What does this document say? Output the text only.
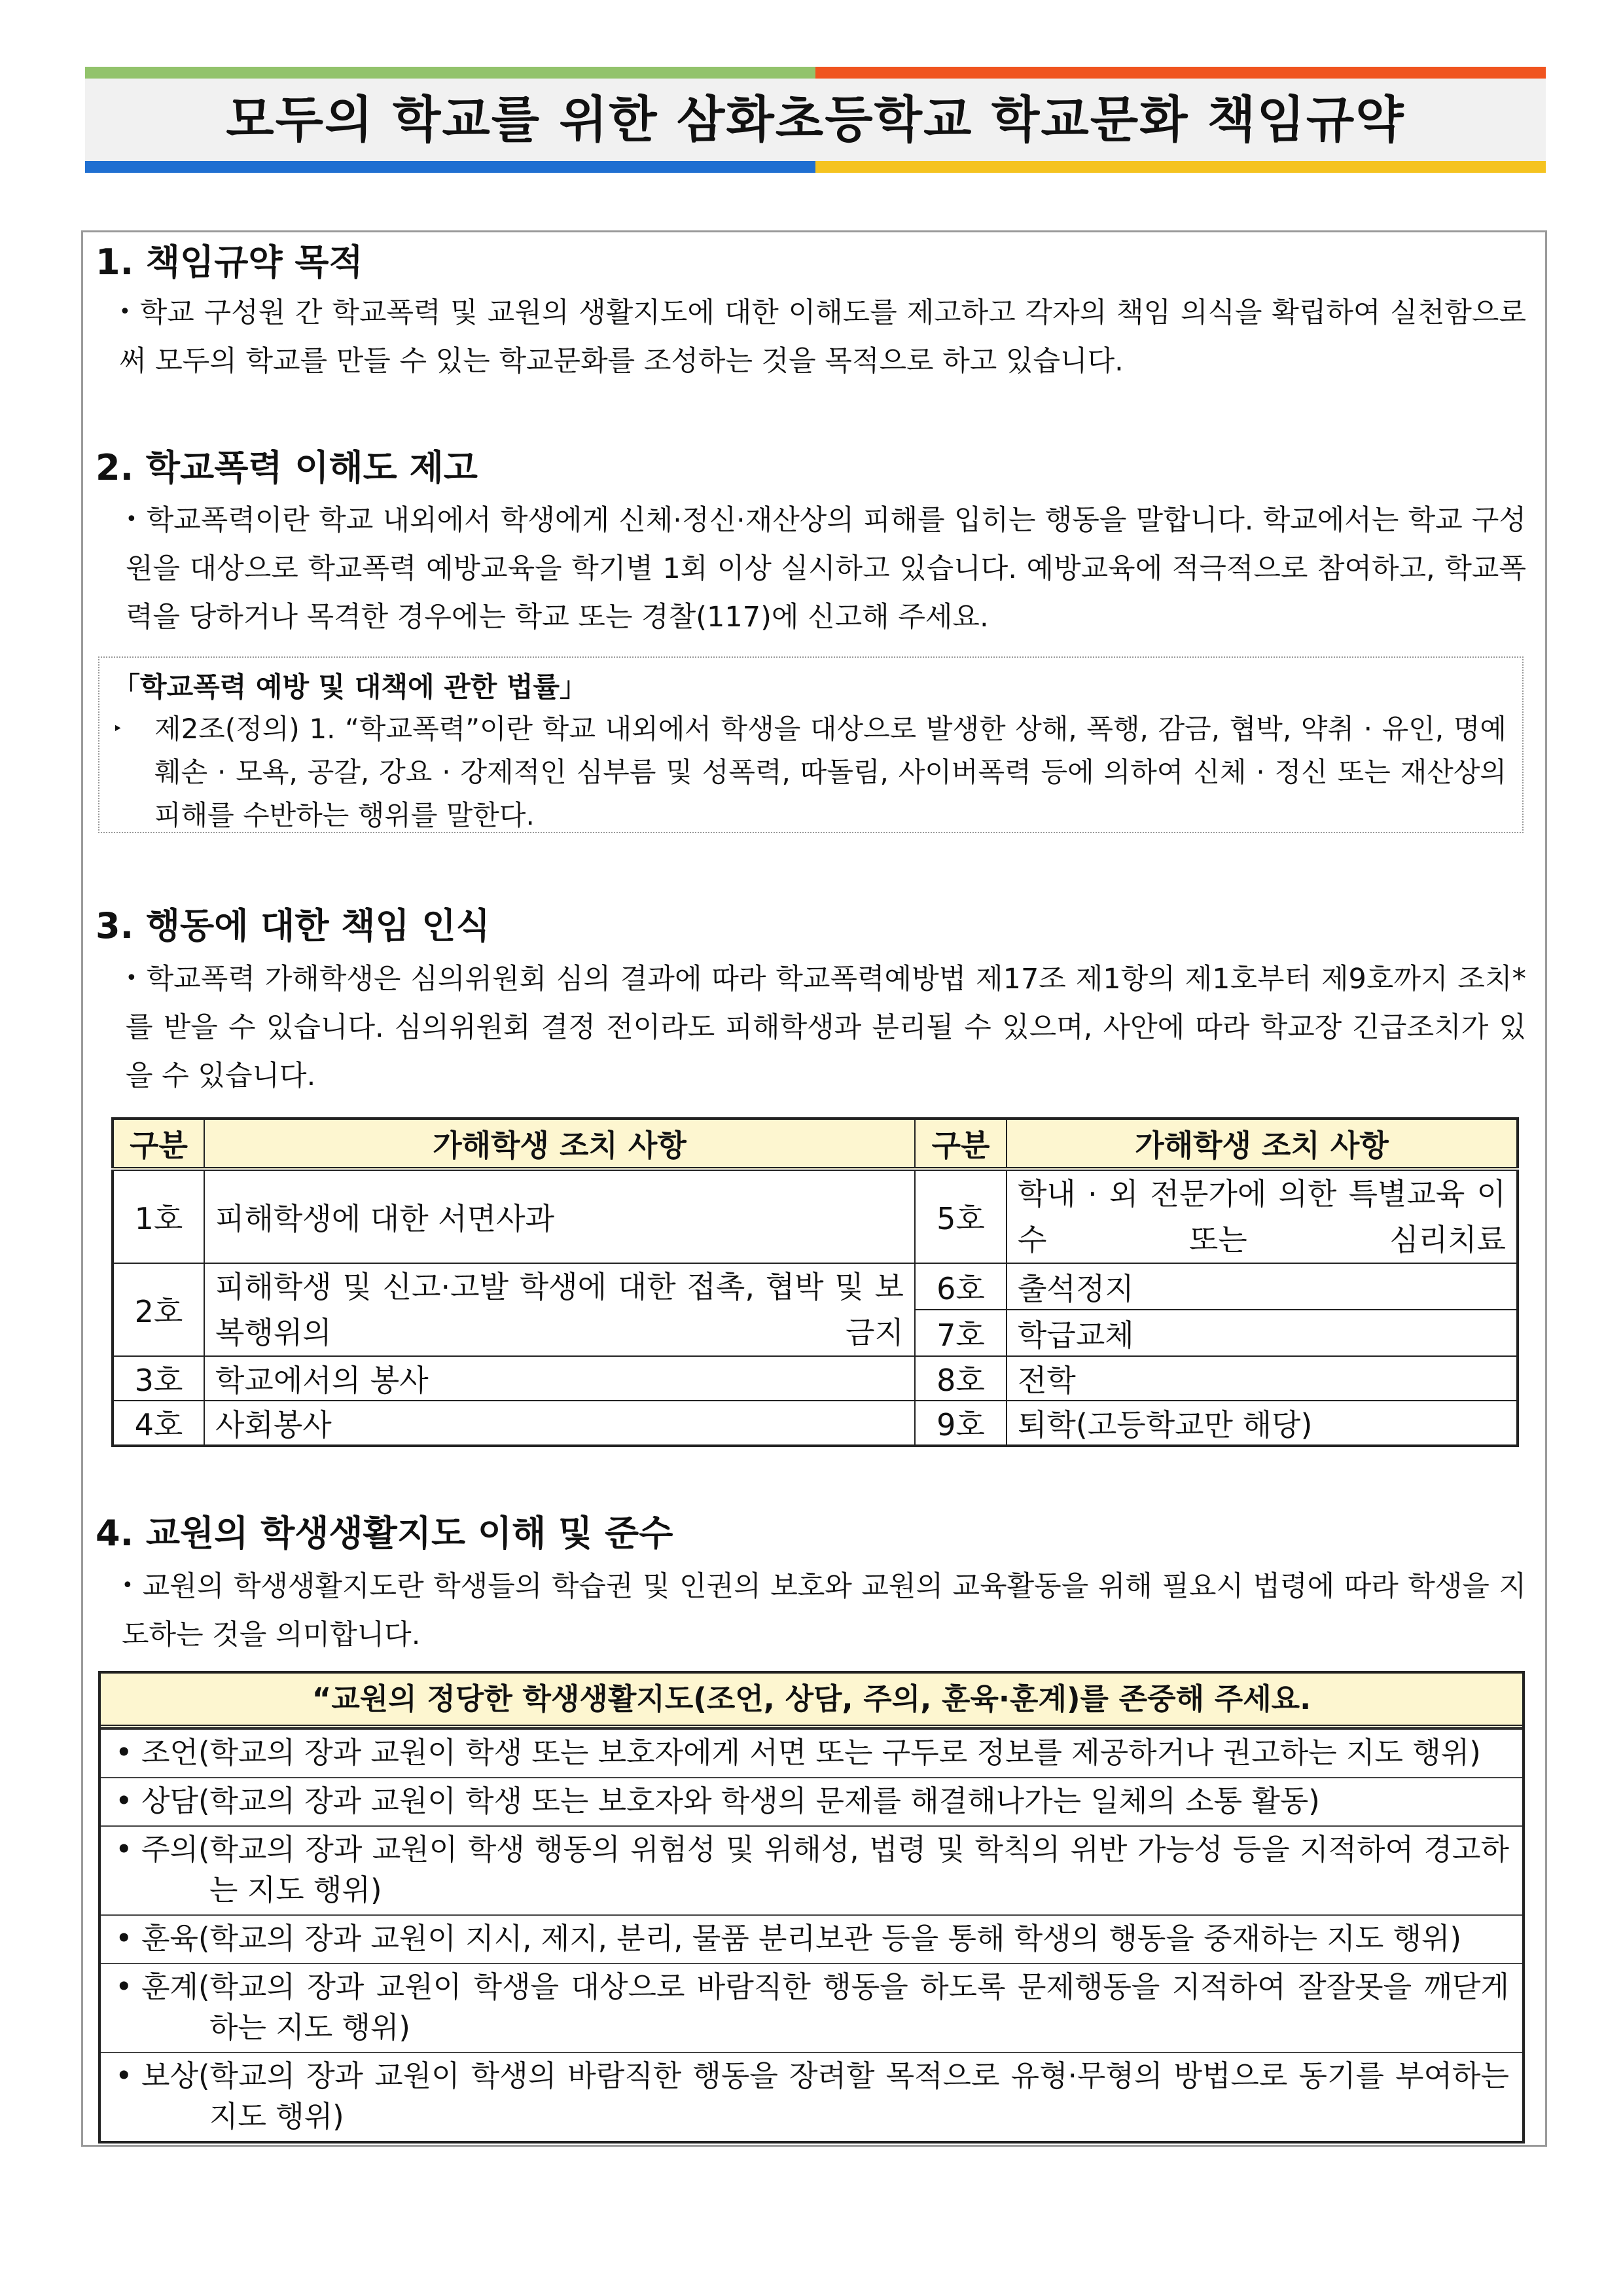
모두의 학교를 위한 삼화초등학교 학교문화 책임규약
1. 책임규약 목적
• 학교 구성원 간 학교폭력 및 교원의 생활지도에 대한 이해도를 제고하고 각자의 책임 의식을 확립하여 실천함으로써 모두의 학교를 만들 수 있는 학교문화를 조성하는 것을 목적으로 하고 있습니다.
2. 학교폭력 이해도 제고
• 학교폭력이란 학교 내외에서 학생에게 신체·정신·재산상의 피해를 입히는 행동을 말합니다. 학교에서는 학교 구성원을 대상으로 학교폭력 예방교육을 학기별 1회 이상 실시하고 있습니다. 예방교육에 적극적으로 참여하고, 학교폭력을 당하거나 목격한 경우에는 학교 또는 경찰(117)에 신고해 주세요.
「학교폭력 예방 및 대책에 관한 법률」
‣ 제2조(정의) 1. “학교폭력”이란 학교 내외에서 학생을 대상으로 발생한 상해, 폭행, 감금, 협박, 약취 · 유인, 명예훼손 · 모욕, 공갈, 강요 · 강제적인 심부름 및 성폭력, 따돌림, 사이버폭력 등에 의하여 신체 · 정신 또는 재산상의 피해를 수반하는 행위를 말한다.
3. 행동에 대한 책임 인식
• 학교폭력 가해학생은 심의위원회 심의 결과에 따라 학교폭력예방법 제17조 제1항의 제1호부터 제9호까지 조치*를 받을 수 있습니다. 심의위원회 결정 전이라도 피해학생과 분리될 수 있으며, 사안에 따라 학교장 긴급조치가 있을 수 있습니다.
구분	가해학생 조치 사항	구분	가해학생 조치 사항
1호	피해학생에 대한 서면사과	5호	학내 · 외 전문가에 의한 특별교육 이수 또는 심리치료

2호	피해학생 및 신고·고발 학생에 대한 접촉, 협박 및 보복행위의 금지	6호	출석정지
		7호	학급교체
3호	학교에서의 봉사	8호	전학
4호	사회봉사	9호	퇴학(고등학교만 해당)
4. 교원의 학생생활지도 이해 및 준수
• 교원의 학생생활지도란 학생들의 학습권 및 인권의 보호와 교원의 교육활동을 위해 필요시 법령에 따라 학생을 지도하는 것을 의미합니다.
“교원의 정당한 학생생활지도(조언, 상담, 주의, 훈육·훈계)를 존중해 주세요.
• 조언(학교의 장과 교원이 학생 또는 보호자에게 서면 또는 구두로 정보를 제공하거나 권고하는 지도 행위)
• 상담(학교의 장과 교원이 학생 또는 보호자와 학생의 문제를 해결해나가는 일체의 소통 활동)
• 주의(학교의 장과 교원이 학생 행동의 위험성 및 위해성, 법령 및 학칙의 위반 가능성 등을 지적하여 경고하는 지도 행위)
• 훈육(학교의 장과 교원이 지시, 제지, 분리, 물품 분리보관 등을 통해 학생의 행동을 중재하는 지도 행위)
• 훈계(학교의 장과 교원이 학생을 대상으로 바람직한 행동을 하도록 문제행동을 지적하여 잘잘못을 깨닫게 하는 지도 행위)
• 보상(학교의 장과 교원이 학생의 바람직한 행동을 장려할 목적으로 유형·무형의 방법으로 동기를 부여하는 지도 행위)
